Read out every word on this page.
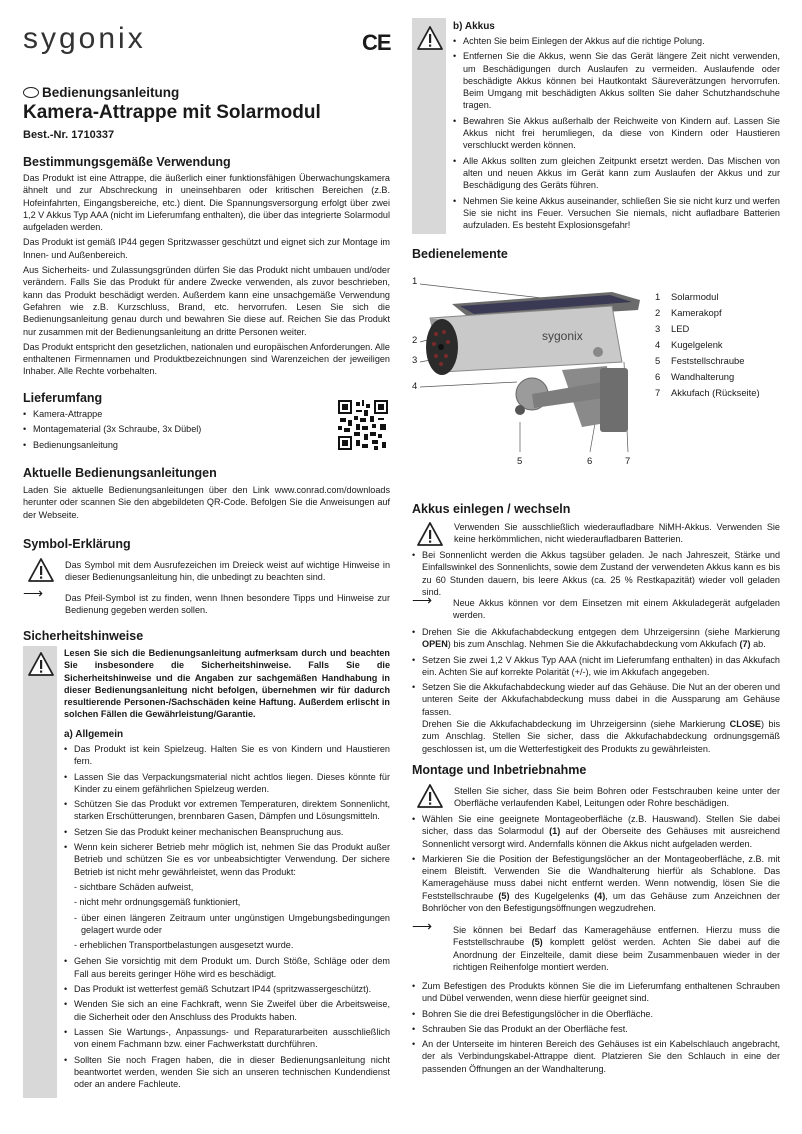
sygonix	CE
Bedienungsanleitung
Kamera-Attrappe mit Solarmodul
Best.-Nr. 1710337
Bestimmungsgemäße Verwendung

Das Produkt ist eine Attrappe, die äußerlich einer funktionsfähigen Überwachungskamera ähnelt und zur Abschreckung in uneinsehbaren oder kritischen Bereichen (z.B. Hofeinfahrten, Eingangsbereiche, etc.) dient. Die Spannungsversorgung erfolgt über zwei 1,2 V Akkus Typ AAA (nicht im Lieferumfang enthalten), die über das integrierte Solarmodul aufgeladen werden.

Das Produkt ist gemäß IP44 gegen Spritzwasser geschützt und eignet sich zur Montage im Innen- und Außenbereich.

Aus Sicherheits- und Zulassungsgründen dürfen Sie das Produkt nicht umbauen und/oder verändern. Falls Sie das Produkt für andere Zwecke verwenden, als zuvor beschrieben, kann das Produkt beschädigt werden. Außerdem kann eine unsachgemäße Verwendung Gefahren wie z.B. Kurzschluss, Brand, etc. hervorrufen. Lesen Sie sich die Bedienungsanleitung genau durch und bewahren Sie diese auf. Reichen Sie das Produkt nur zusammen mit der Bedienungsanleitung an dritte Personen weiter.

Das Produkt entspricht den gesetzlichen, nationalen und europäischen Anforderungen. Alle enthaltenen Firmennamen und Produktbezeichnungen sind Warenzeichen der jeweiligen Inhaber. Alle Rechte vorbehalten.

Lieferumfang
• Kamera-Attrappe
• Montagematerial (3x Schraube, 3x Dübel)
• Bedienungsanleitung
Aktuelle Bedienungsanleitungen

Laden Sie aktuelle Bedienungsanleitungen über den Link www.conrad.com/downloads herunter oder scannen Sie den abgebildeten QR-Code. Befolgen Sie die Anweisungen auf der Webseite.

Symbol-Erklärung

Das Symbol mit dem Ausrufezeichen im Dreieck weist auf wichtige Hinweise in dieser Bedienungsanleitung hin, die unbedingt zu beachten sind.

⟶ Das Pfeil-Symbol ist zu finden, wenn Ihnen besondere Tipps und Hinweise zur Bedienung gegeben werden sollen.

Sicherheitshinweise

Lesen Sie sich die Bedienungsanleitung aufmerksam durch und beachten Sie insbesondere die Sicherheitshinweise. Falls Sie die Sicherheitshinweise und die Angaben zur sachgemäßen Handhabung in dieser Bedienungsanleitung nicht befolgen, übernehmen wir für dadurch resultierende Personen-/Sachschäden keine Haftung. Außerdem erlischt in solchen Fällen die Gewährleistung/Garantie.

a) Allgemein
• Das Produkt ist kein Spielzeug. Halten Sie es von Kindern und Haustieren fern.
• Lassen Sie das Verpackungsmaterial nicht achtlos liegen. Dieses könnte für Kinder zu einem gefährlichen Spielzeug werden.
• Schützen Sie das Produkt vor extremen Temperaturen, direktem Sonnenlicht, starken Erschütterungen, brennbaren Gasen, Dämpfen und Lösungsmitteln.
• Setzen Sie das Produkt keiner mechanischen Beanspruchung aus.
• Wenn kein sicherer Betrieb mehr möglich ist, nehmen Sie das Produkt außer Betrieb und schützen Sie es vor unbeabsichtigter Verwendung. Der sichere Betrieb ist nicht mehr gewährleistet, wenn das Produkt:

- sichtbare Schäden aufweist,

- nicht mehr ordnungsgemäß funktioniert,

- über einen längeren Zeitraum unter ungünstigen Umgebungsbedingungen gelagert wurde oder

- erheblichen Transportbelastungen ausgesetzt wurde.

• Gehen Sie vorsichtig mit dem Produkt um. Durch Stöße, Schläge oder dem Fall aus bereits geringer Höhe wird es beschädigt.
• Das Produkt ist wetterfest gemäß Schutzart IP44 (spritzwassergeschützt).
• Wenden Sie sich an eine Fachkraft, wenn Sie Zweifel über die Arbeitsweise, die Sicherheit oder den Anschluss des Produkts haben.
• Lassen Sie Wartungs-, Anpassungs- und Reparaturarbeiten ausschließlich von einem Fachmann bzw. einer Fachwerkstatt durchführen.
• Sollten Sie noch Fragen haben, die in dieser Bedienungsanleitung nicht beantwortet werden, wenden Sie sich an unseren technischen Kundendienst oder an andere Fachleute.
b) Akkus
• Achten Sie beim Einlegen der Akkus auf die richtige Polung.
• Entfernen Sie die Akkus, wenn Sie das Gerät längere Zeit nicht verwenden, um Beschädigungen durch Auslaufen zu vermeiden. Auslaufende oder beschädigte Akkus können bei Hautkontakt Säureverätzungen hervorrufen. Beim Umgang mit beschädigten Akkus sollten Sie daher Schutzhandschuhe tragen.
• Bewahren Sie Akkus außerhalb der Reichweite von Kindern auf. Lassen Sie Akkus nicht frei herumliegen, da diese von Kindern oder Haustieren verschluckt werden können.
• Alle Akkus sollten zum gleichen Zeitpunkt ersetzt werden. Das Mischen von alten und neuen Akkus im Gerät kann zum Auslaufen der Akkus und zur Beschädigung des Geräts führen.
• Nehmen Sie keine Akkus auseinander, schließen Sie sie nicht kurz und werfen Sie sie nicht ins Feuer. Versuchen Sie niemals, nicht aufladbare Batterien aufzuladen. Es besteht Explosionsgefahr!
Bedienelemente
sygonix
1
2
3
4
5	6	7
1 Solarmodul
2 Kamerakopf
3 LED
4 Kugelgelenk
5 Feststellschraube
6 Wandhalterung
7 Akkufach (Rückseite)
Akkus einlegen / wechseln

Verwenden Sie ausschließlich wiederaufladbare NiMH-Akkus. Verwenden Sie keine herkömmlichen, nicht wiederaufladbaren Batterien.

• Bei Sonnenlicht werden die Akkus tagsüber geladen. Je nach Jahreszeit, Stärke und Einfallswinkel des Sonnenlichts, sowie dem Zustand der verwendeten Akkus kann es bis zu 60 Stunden dauern, bis leere Akkus (ca. 25 % Restkapazität) wieder voll geladen sind.
⟶ Neue Akkus können vor dem Einsetzen mit einem Akkuladegerät aufgeladen werden.

• Drehen Sie die Akkufachabdeckung entgegen dem Uhrzeigersinn (siehe Markierung OPEN) bis zum Anschlag. Nehmen Sie die Akkufachabdeckung vom Akkufach (7) ab.
• Setzen Sie zwei 1,2 V Akkus Typ AAA (nicht im Lieferumfang enthalten) in das Akkufach ein. Achten Sie auf korrekte Polarität (+/-), wie im Akkufach angegeben.
• Setzen Sie die Akkufachabdeckung wieder auf das Gehäuse. Die Nut an der oberen und unteren Seite der Akkufachabdeckung muss dabei in die Aussparung am Gehäuse fassen.
Drehen Sie die Akkufachabdeckung im Uhrzeigersinn (siehe Markierung CLOSE) bis zum Anschlag. Stellen Sie sicher, dass die Akkufachabdeckung ordnungsgemäß geschlossen ist, um die Wetterfestigkeit des Produkts zu gewährleisten.
Montage und Inbetriebnahme

Stellen Sie sicher, dass Sie beim Bohren oder Festschrauben keine unter der Oberfläche verlaufenden Kabel, Leitungen oder Rohre beschädigen.

• Wählen Sie eine geeignete Montageoberfläche (z.B. Hauswand). Stellen Sie dabei sicher, dass das Solarmodul (1) auf der Oberseite des Gehäuses mit ausreichend Sonnenlicht versorgt wird. Andernfalls können die Akkus nicht aufgeladen werden.
• Markieren Sie die Position der Befestigungslöcher an der Montageoberfläche, z.B. mit einem Bleistift. Verwenden Sie die Wandhalterung hierfür als Schablone. Das Kameragehäuse muss dabei nicht entfernt werden. Wenn notwendig, lösen Sie die Feststellschraube (5) des Kugelgelenks (4), um das Gehäuse zum Anzeichnen der Bohrlöcher von den Befestigungsöffnungen wegzudrehen.
⟶ Sie können bei Bedarf das Kameragehäuse entfernen. Hierzu muss die Feststellschraube (5) komplett gelöst werden. Achten Sie dabei auf die Anordnung der Einzelteile, damit diese beim Zusammenbauen wieder in der richtigen Reihenfolge montiert werden.

• Zum Befestigen des Produkts können Sie die im Lieferumfang enthaltenen Schrauben und Dübel verwenden, wenn diese hierfür geeignet sind.
• Bohren Sie die drei Befestigungslöcher in die Oberfläche.
• Schrauben Sie das Produkt an der Oberfläche fest.
• An der Unterseite im hinteren Bereich des Gehäuses ist ein Kabelschlauch angebracht, der als Verbindungskabel-Attrappe dient. Platzieren Sie den Schlauch in eine der passenden Öffnungen an der Wandhalterung.
